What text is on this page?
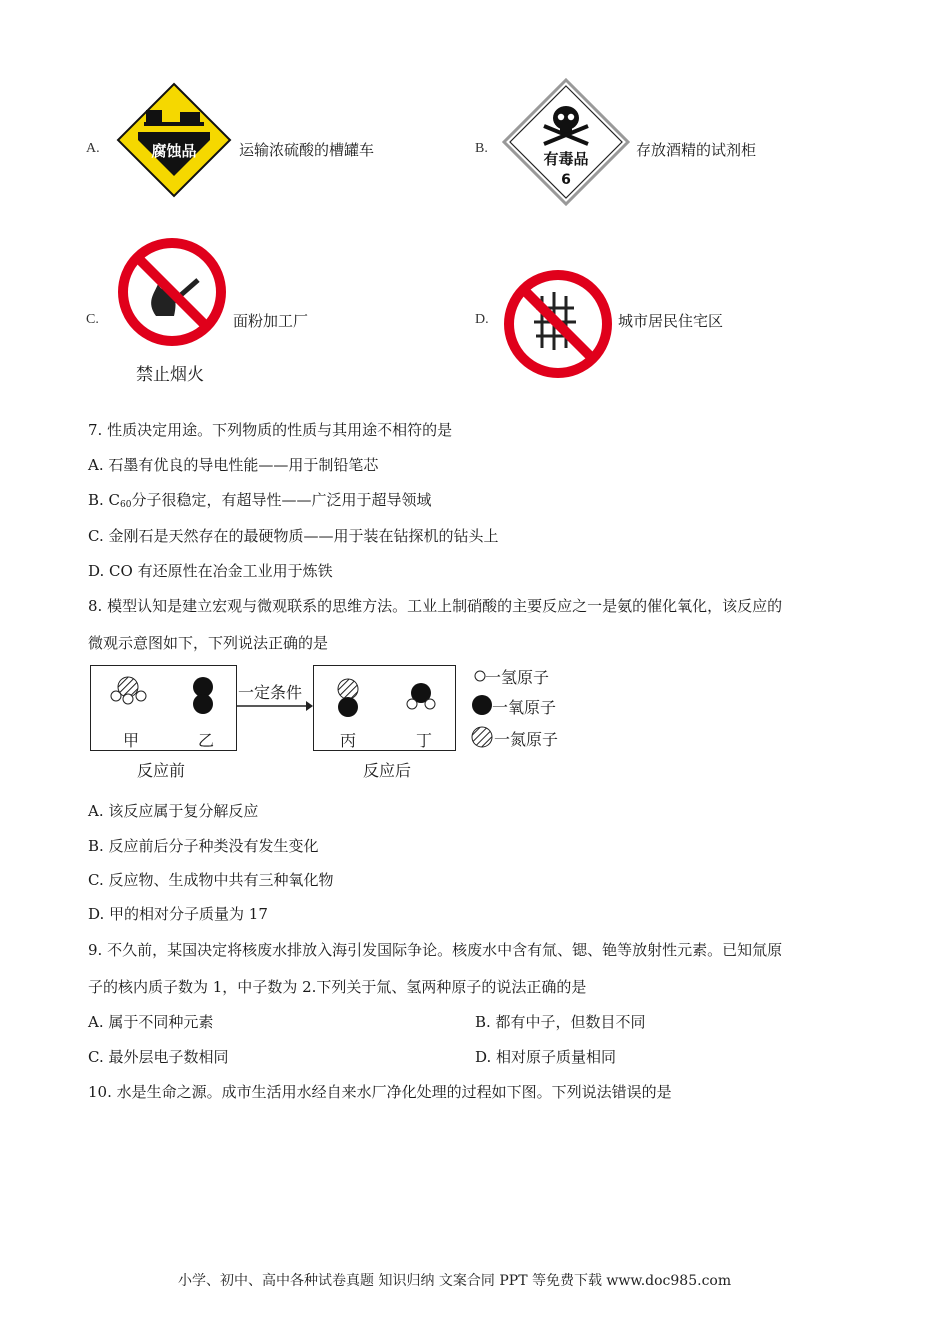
A.	腐蚀品	运输浓硫酸的槽罐车	B.
有毒品
6
存放酒精的试剂柜
C.
禁止烟火
面粉加工厂	D.	城市居民住宅区
7. 性质决定用途。下列物质的性质与其用途不相符的是
A. 石墨有优良的导电性能——用于制铅笔芯
B. $C_{60}$分子很稳定，有超导性——广泛用于超导领域
C. 金刚石是天然存在的最硬物质——用于装在钻探机的钻头上
D. CO 有还原性在冶金工业用于炼铁
8. 模型认知是建立宏观与微观联系的思维方法。工业上制硝酸的主要反应之一是氨的催化氧化，该反应的
微观示意图如下，下列说法正确的是
甲	乙
一定条件
丙	丁
反应前	反应后
一氢原子
一氧原子
一氮原子
A. 该反应属于复分解反应
B. 反应前后分子种类没有发生变化
C. 反应物、生成物中共有三种氧化物
D. 甲的相对分子质量为 17
9. 不久前，某国决定将核废水排放入海引发国际争论。核废水中含有氚、锶、铯等放射性元素。已知氚原
子的核内质子数为 1，中子数为 2.下列关于氚、氢两种原子的说法正确的是
A. 属于不同种元素	B. 都有中子，但数目不同
C. 最外层电子数相同	D. 相对原子质量相同
10. 水是生命之源。成市生活用水经自来水厂净化处理的过程如下图。下列说法错误的是
小学、初中、高中各种试卷真题 知识归纳 文案合同 PPT 等免费下载 www.doc985.com
